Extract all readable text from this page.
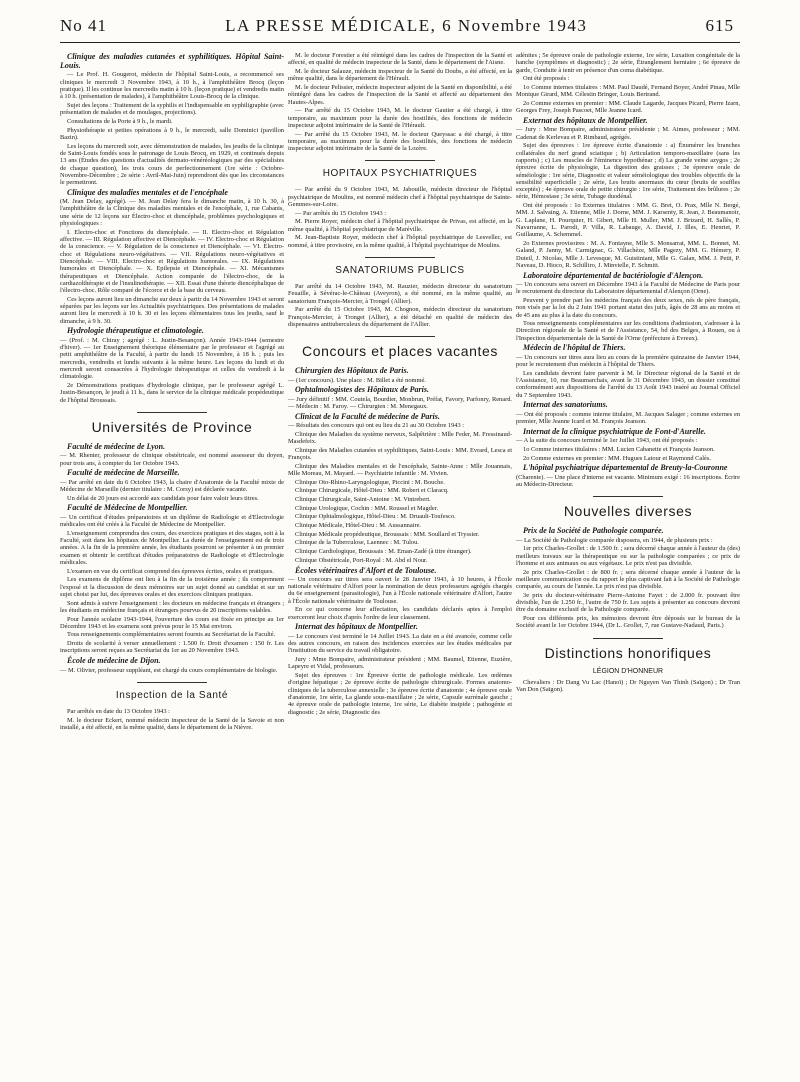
No 41	LA PRESSE MÉDICALE, 6 Novembre 1943	615

Clinique des maladies cutanées et syphilitiques. Hôpital Saint-Louis.

— Le Prof. H. Gougerot, médecin de l'hôpital Saint-Louis, a recommencé ses cliniques le mercredi 3 Novembre 1943, à 10 h., à l'amphithéâtre Brocq (leçon pratique). Il les continue les mercredis matin à 10 h. (leçon pratique) et vendredis matin à 10 h. (présentation de malades), à l'amphithéâtre Louis-Brocq de la clinique.

Sujet des leçons : Traitement de la syphilis et l'indispensable en syphiligraphie (avec présentation de malades et de moulages, projections).

Consultations de la Porte à 9 h., le mardi.

Physiothérapie et petites opérations à 9 h., le mercredi, salle Dominici (pavillon Bazin).

Les leçons du mercredi soir, avec démonstration de malades, les jeudis de la clinique de Saint-Louis fondés sous le patronage de Louis Brocq, en 1929, et continués depuis 13 ans (Études des questions d'actualités dermato-vénéréologiques par des spécialistes de chaque question), les trois cours de perfectionnement (1re série : Octobre-Novembre-Décembre ; 2e série : Avril-Mai-Juin) reprendront dès que les circonstances le permettront.

Clinique des maladies mentales et de l'encéphale

(M. Jean Delay, agrégé). — M. Jean Delay fera le dimanche matin, à 10 h. 30, à l'amphithéâtre de la Clinique des maladies mentales et de l'encéphale, 1, rue Cabanis, une série de 12 leçons sur Électro-choc et diencéphale, problèmes psychologiques et physiologiques :

I. Electro-choc et Fonctions du diencéphale. — II. Electro-choc et Régulation affective. — III. Régulation affective et Diencéphale. — IV. Electro-choc et Régulation de la conscience. — V. Régulation de la conscience et Diencéphale. — VI. Electro-choc et Régulations neuro-végétatives. — VII. Régulations neuro-végétatives et Diencéphale. — VIII. Electro-choc et Régulations humorales. — IX. Régulations humorales et Diencéphale. — X. Epilepsie et Diencéphale. — XI. Mécanismes thérapeutiques et Diencéphale. Action comparée de l'électro-choc, de la cardiazolthérapie et de l'insulinothérapie. — XII. Essai d'une théorie diencéphalique de l'électro-choc. Rôle comparé de l'écorce et de la base du cerveau.

Ces leçons auront lieu un dimanche sur deux à partir du 14 Novembre 1943 et seront séparées par les leçons sur les Actualités psychiatriques. Des présentations de malades auront lieu le mercredi à 10 h. 30 et les leçons élémentaires tous les jeudis, sauf le dimanche, à 9 h. 30.

Hydrologie thérapeutique et climatologie.

— (Prof. : M. Chiray ; agrégé : L. Justin-Besançon). Année 1943-1944 (semestre d'hiver). — 1er Enseignement théorique élémentaire par le professeur et l'agrégé au petit amphithéâtre de la Faculté, à partir du lundi 15 Novembre, à 18 h. ; puis les mercredis, vendredis et lundis suivants à la même heure. Les leçons du lundi et du mercredi seront consacrées à l'hydrologie thérapeutique et celles du vendredi à la climatologie.

2e Démonstrations pratiques d'hydrologie clinique, par le professeur agrégé L. Justin-Besançon, le jeudi à 11 h., dans le service de la clinique médicale propédeutique de l'hôpital Broussais.

Universités de Province

Faculté de médecine de Lyon.

— M. Rhenter, professeur de clinique obstétricale, est nommé assesseur du doyen, pour trois ans, à compter du 1er Octobre 1943.

Faculté de médecine de Marseille.

— Par arrêté en date du 6 Octobre 1943, la chaire d'Anatomie de la Faculté mixte de Médecine de Marseille (dernier titulaire : M. Corsy) est déclarée vacante.

Un délai de 20 jours est accordé aux candidats pour faire valoir leurs titres.

Faculté de Médecine de Montpellier.

— Un certificat d'études préparatoires et un diplôme de Radiologie et d'Electrologie médicales ont été créés à la Faculté de Médecine de Montpellier.

L'enseignement comprendra des cours, des exercices pratiques et des stages, soit à la Faculté, soit dans les hôpitaux de Montpellier. La durée de l'enseignement est de trois années. A la fin de la première année, les étudiants pourront se présenter à un premier examen et obtenir le certificat d'études préparatoires de Radiologie et d'Electrologie médicales.

L'examen en vue du certificat comprend des épreuves écrites, orales et pratiques.

Les examens de diplôme ont lieu à la fin de la troisième année ; ils comprennent l'exposé et la discussion de deux mémoires sur un sujet donné au candidat et sur un sujet choisi par lui, des épreuves orales et des exercices cliniques pratiques.

Sont admis à suivre l'enseignement : les docteurs en médecine français et étrangers ; les étudiants en médecine français et étrangers pourvus de 20 inscriptions valables.

Pour l'année scolaire 1943-1944, l'ouverture des cours est fixée en principe au 1er Décembre 1943 et les examens sont prévus pour le 15 Mai environ.

Tous renseignements complémentaires seront fournis au Secrétariat de la Faculté.

Droits de scolarité à verser annuellement : 1.500 fr. Droit d'examen : 150 fr. Les inscriptions seront reçues au Secrétariat du 1er au 20 Novembre 1943.

École de médecine de Dijon.

— M. Olivier, professeur suppléant, est chargé du cours complémentaire de biologie.

Inspection de la Santé

Par arrêtés en date du 13 Octobre 1943 :

M. le docteur Eckert, nommé médecin inspecteur de la Santé de la Savoie et non installé, a été affecté, en la même qualité, dans le département de la Nièvre.

M. le docteur Forestier a été réintégré dans les cadres de l'inspection de la Santé et affecté, en qualité de médecin inspecteur de la Santé, dans le département de l'Aisne.

M. le docteur Salauze, médecin inspecteur de la Santé du Doubs, a été affecté, en la même qualité, dans le département de l'Hérault.

M. le docteur Pelissier, médecin inspecteur adjoint de la Santé en disponibilité, a été réintégré dans les cadres de l'inspection de la Santé et affecté au département des Hautes-Alpes.

— Par arrêté du 15 Octobre 1943, M. le docteur Gautier a été chargé, à titre temporaire, au maximum pour la durée des hostilités, des fonctions de médecin inspecteur adjoint intérimaire de la Santé de l'Hérault.

— Par arrêté du 15 Octobre 1943, M. le docteur Queyssac a été chargé, à titre temporaire, au maximum pour la durée des hostilités, des fonctions de médecin inspecteur adjoint intérimaire de la Santé de la Lozère.

HOPITAUX PSYCHIATRIQUES

— Par arrêté du 9 Octobre 1943, M. Jabouille, médecin directeur de l'hôpital psychiatrique de Moulins, est nommé médecin chef à l'hôpital psychiatrique de Sainte-Gemmes-sur-Loire.

— Par arrêtés du 15 Octobre 1943 :

M. Pierre Royer, médecin chef à l'hôpital psychiatrique de Privas, est affecté, en la même qualité, à l'hôpital psychiatrique de Maréville.

M. Jean-Baptiste Royer, médecin chef à l'hôpital psychiatrique de Lesvellec, est nommé, à titre provisoire, en la même qualité, à l'hôpital psychiatrique de Moulins.

SANATORIUMS PUBLICS

Par arrêté du 14 Octobre 1943, M. Rauzier, médecin directeur du sanatorium Feuaille, à Sévérac-le-Château (Aveyron), a été nommé, en la même qualité, au sanatorium François-Mercier, à Trongel (Allier).

Par arrêté du 15 Octobre 1943, M. Chognon, médecin directeur du sanatorium François-Mercier, à Tronget (Allier), a été détaché en qualité de médecin des dispensaires antituberculeux du département de l'Allier.

Concours et places vacantes

Chirurgien des Hôpitaux de Paris.

— (1er concours). Une place : M. Billet a été nommé.

Ophtalmologistes des Hôpitaux de Paris.

— Jury définitif : MM. Coutela, Bourdier, Monbrun, Préfat, Favory, Parfonry, Renard. — Médecin : M. Faroy. — Chirurgien : M. Menegaux.

Clinicat de la Faculté de médecine de Paris.

— Résultats des concours qui ont eu lieu du 21 au 30 Octobre 1943 :

Clinique des Maladies du système nerveux, Salpêtrière : Mlle Feder, M. Fressinaud-Masdefeix.

Clinique des Maladies cutanées et syphilitiques, Saint-Louis : MM. Evrard, Lesca et François.

Clinique des Maladies mentales et de l'encéphale, Sainte-Anne : Mlle Jouannais, Mlle Moreau, M. Mayard. — Psychiatrie infantile : M. Vivien.

Clinique Oto-Rhino-Laryngologique, Piccini : M. Bouche.

Clinique Chirurgicale, Hôtel-Dieu : MM. Robert et Claracq.

Clinique Chirurgicale, Saint-Antoine : M. Vintrebert.

Clinique Urologique, Cochin : MM. Roussel et Magder.

Clinique Ophtalmologique, Hôtel-Dieu : M. Druault-Toufesco.

Clinique Médicale, Hôtel-Dieu : M. Aussannaire.

Clinique Médicale propédeutique, Broussais : MM. Soullard et Tryssier.

Clinique de la Tuberculose, Laennec : M. Tulou.

Clinique Cardiologique, Broussais : M. Eman-Zadé (à titre étranger).

Clinique Obstétricale, Port-Royal : M. Abd el Nour.

Écoles vétérinaires d'Alfort et de Toulouse.

— Un concours sur titres sera ouvert le 28 Janvier 1943, à 10 heures, à l'École nationale vétérinaire d'Alfort pour la nomination de deux professeurs agrégés chargés du 6e enseignement (parasitologie), l'un à l'École nationale vétérinaire d'Alfort, l'autre à l'École nationale vétérinaire de Toulouse.

En ce qui concerne leur affectation, les candidats déclarés aptes à l'emploi exerceront leur choix d'après l'ordre de leur classement.

Internat des hôpitaux de Montpellier.

— Le concours s'est terminé le 14 Juillet 1943. La date en a été avancée, comme celle des autres concours, en raison des incidences exercées sur les études médicales par l'institution du service du travail obligatoire.

Jury : Mme Bompaire, administrateur président ; MM. Baumel, Etienne, Euzière, Lapeyre et Vidal, professeurs.

Sujet des épreuves : 1re Épreuve écrite de pathologie médicale. Les œdèmes d'origine hépatique ; 2e épreuve écrite de pathologie chirurgicale. Formes anatomo-cliniques de la tuberculose annexielle ; 3e épreuve écrite d'anatomie ; 4e épreuve orale d'anatomie, 1re série, La glande sous-maxillaire ; 2e série, Capsule surrénale gauche ; 4e épreuve orale de pathologie interne, 1re série, Le diabète insipide ; pathogénie et diagnostic ; 2e série, Diagnostic des

adénites ; 5e épreuve orale de pathologie externe, 1re série, Luxation congénitale de la hanche (symptômes et diagnostic) ; 2e série, Étranglement herniaire ; 6e épreuve de garde, Conduite à tenir en présence d'un coma diabétique.

Ont été proposés :

1o Comme internes titulaires : MM. Paul Daudé, Fernand Boyer, André Pinau, Mlle Monique Girard, MM. Célestin Bringer, Louis Bertrand.

2o Comme externes en premier : MM. Claude Lagarde, Jacques Picard, Pierre Izarn, Georges Frey, Joseph Pascoet, Mlle Jeanne Icard.

Externat des hôpitaux de Montpellier.

— Jury : Mme Bompaire, administrateur présidente ; M. Aimes, professeur ; MM. Cadenat de Kerlevau et P. Rimbaud, agrégés.

Sujet des épreuves : 1re épreuve écrite d'anatomie : a) Énumérer les branches collatérales du nerf grand sciatique ; b) Articulation temporo-maxillaire (sans les rapports) ; c) Les muscles de l'éminence hypothénar ; d) La grande veine azygos ; 2e épreuve écrite de physiologie, La digestion des graisses ; 3e épreuve orale de séméiologie : 1re série, Diagnostic et valeur séméiologique des troubles objectifs de la sensibilité superficielle ; 2e série, Les bruits anormaux du cœur (bruits de souffles exceptés) ; 4e épreuve orale de petite chirurgie : 1re série, Traitement des brûlures ; 2e série, Hémostase ; 3e série, Tubage duodénal.

Ont été proposés : 1o Externes titulaires : MM. G. Bret, O. Prax, Mlle N. Bergé, MM. J. Salvaing, A. Etienne, Mlle J. Dorne, MM. J. Karsenty, R. Jean, J. Beaumanoir, G. Laplane, H. Pourquier, H. Gibert, Mlle H. Muller, MM. J. Brizard, H. Sallès, P. Navarranne, L. Parodi, P. Villa, R. Labauge, A. David, J. Illes, E. Henriet, P. Guillaume, A. Schemmel.

2o Externes provisoires : M. A. Fontayne, Mlle S. Monsarrat, MM. L. Bonnet, M. Galand, P. Janny, M. Carmignac, G. Villachèze, Mlle Pagezy, MM. G. Hémery, P. Duteil, J. Nicolas, Mlle J. Levesque, M. Guistiniani, Mlle G. Galan, MM. J. Petit, P. Naveau, D. Hioco, R. Schilliro, J. Minvielle, F. Schmitt.

Laboratoire départemental de bactériologie d'Alençon.

— Un concours sera ouvert en Décembre 1943 à la Faculté de Médecine de Paris pour le recrutement du directeur du Laboratoire départemental d'Alençon (Orne).

Peuvent y prendre part les médecins français des deux sexes, nés de père français, non visés par la loi du 2 Juin 1941 portant statut des juifs, âgés de 28 ans au moins et de 45 ans au plus à la date du concours.

Tous renseignements complémentaires sur les conditions d'admission, s'adresser à la Direction régionale de la Santé et de l'Assistance, 54, bd des Belges, à Rouen, ou à l'Inspection départementale de la Santé de l'Orne (préfecture à Evreux).

Médecin de l'hôpital de Thiers.

— Un concours sur titres aura lieu au cours de la première quinzaine de Janvier 1944, pour le recrutement d'un médecin à l'hôpital de Thiers.

Les candidats devront faire parvenir à M. le Directeur régional de la Santé et de l'Assistance, 10, rue Beaumarchais, avant le 31 Décembre 1943, un dossier constitué conformément aux dispositions de l'arrêté du 13 Août 1943 inséré au Journal Officiel du 7 Septembre 1943.

Internat des sanatoriums.

— Ont été proposés : comme interne titulaire, M. Jacques Salager ; comme externes en premier, Mlle Jeanne Icard et M. François Jeanson.

Internat de la clinique psychiatrique de Font-d'Aurelle.

— A la suite du concours terminé le 1er Juillet 1943, ont été proposés :

1o Comme internes titulaires : MM. Lucien Cabanette et François Jeanson.

2o Comme externes en premier : MM. Hugues Latour et Raymond Calès.

L'hôpital psychiatrique départemental de Breuty-la-Couronne

(Charente). — Une place d'interne est vacante. Minimum exigé : 16 inscriptions. Écrire au Médecin-Directeur.

Nouvelles diverses

Prix de la Société de Pathologie comparée.

— La Société de Pathologie comparée disposera, en 1944, de plusieurs prix :

1er prix Charles-Grollet : de 1.500 fr. ; sera décerné chaque année à l'auteur du (des) meilleurs travaux sur la thérapeutique ou sur la pathologie comparées ; ce prix de l'homme et aux animaux ou aux végétaux. Le prix n'est pas divisible.

2e prix Charles-Grollet : de 800 fr. ; sera décerné chaque année à l'auteur de la meilleure communication ou du rapport le plus captivant fait à la Société de Pathologie comparée, au cours de l'année. Le prix n'est pas divisible.

3e prix du docteur-vétérinaire Pierre-Antoine Fayet : de 2.000 fr. pouvant être divisible, l'un de 1.250 fr., l'autre de 750 fr. Les sujets à présenter au concours devront être du domaine exclusif de la Pathologie comparée.

Pour ces différents prix, les mémoires devront être déposés sur le bureau de la Société avant le 1er Octobre 1944, (Dr L. Grollet, 7, rue Gustave-Nadaud, Paris.)

Distinctions honorifiques
LÉGION D'HONNEUR

Chevaliers : Dr Dang Vu Lac (Hanoï) ; Dr Nguyen Van Thinh (Saïgon) ; Dr Tran Van Don (Saïgon).
